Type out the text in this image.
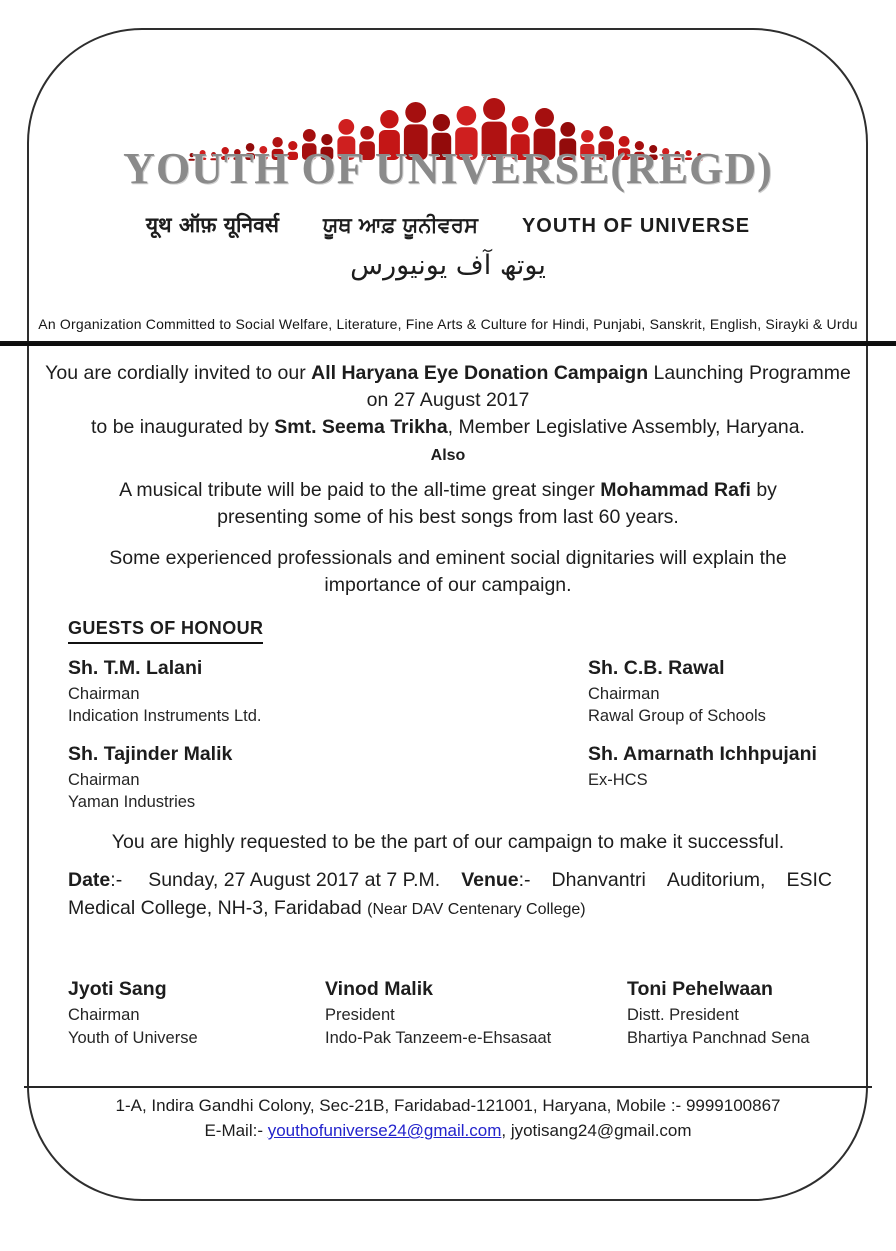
YOUTH OF UNIVERSE(REGD)
यूथ ऑफ़ यूनिवर्स ਯੂਥ ਆਫ਼ ਯੂਨੀਵਰਸ YOUTH OF UNIVERSE
یوتھ آف یونیورس
An Organization Committed to Social Welfare, Literature, Fine Arts & Culture for Hindi, Punjabi, Sanskrit, English, Sirayki & Urdu
You are cordially invited to our All Haryana Eye Donation Campaign Launching Programme
on 27 August 2017
to be inaugurated by Smt. Seema Trikha, Member Legislative Assembly, Haryana.
Also
A musical tribute will be paid to the all-time great singer Mohammad Rafi by
presenting some of his best songs from last 60 years.
Some experienced professionals and eminent social dignitaries will explain the
importance of our campaign.
GUESTS OF HONOUR
Sh. T.M. Lalani
Chairman
Indication Instruments Ltd.
Sh. C.B. Rawal
Chairman
Rawal Group of Schools
Sh. Tajinder Malik
Chairman
Yaman Industries
Sh. Amarnath Ichhpujani
Ex-HCS
You are highly requested to be the part of our campaign to make it successful.
Date:- Sunday, 27 August 2017 at 7 P.M. Venue:- Dhanvantri Auditorium, ESIC
Medical College, NH-3, Faridabad (Near DAV Centenary College)
Jyoti Sang
Chairman
Youth of Universe
Vinod Malik
President
Indo-Pak Tanzeem-e-Ehsasaat
Toni Pehelwaan
Distt. President
Bhartiya Panchnad Sena
1-A, Indira Gandhi Colony, Sec-21B, Faridabad-121001, Haryana, Mobile :- 9999100867
E-Mail:- youthofuniverse24@gmail.com, jyotisang24@gmail.com
